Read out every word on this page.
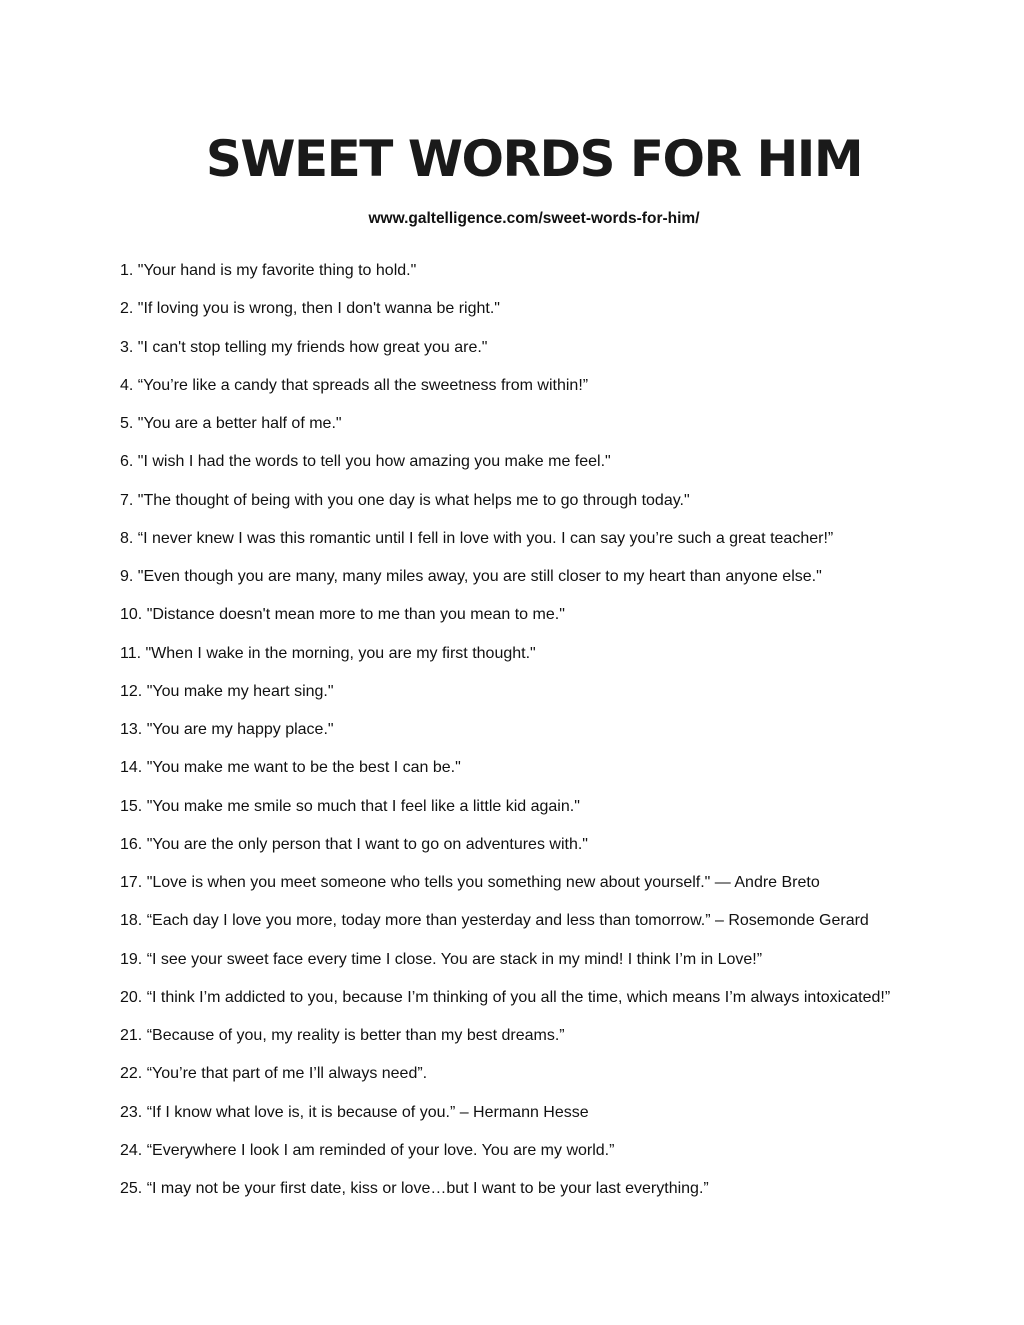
SWEET WORDS FOR HIM
www.galtelligence.com/sweet-words-for-him/
1. "Your hand is my favorite thing to hold."
2. "If loving you is wrong, then I don't wanna be right."
3. "I can't stop telling my friends how great you are."
4. “You’re like a candy that spreads all the sweetness from within!”
5. "You are a better half of me."
6. "I wish I had the words to tell you how amazing you make me feel."
7. "The thought of being with you one day is what helps me to go through today."
8. “I never knew I was this romantic until I fell in love with you. I can say you’re such a great teacher!”
9. "Even though you are many, many miles away, you are still closer to my heart than anyone else."
10. "Distance doesn't mean more to me than you mean to me."
11. "When I wake in the morning, you are my first thought."
12. "You make my heart sing."
13. "You are my happy place."
14. "You make me want to be the best I can be."
15. "You make me smile so much that I feel like a little kid again."
16. "You are the only person that I want to go on adventures with."
17. "Love is when you meet someone who tells you something new about yourself." — Andre Breto
18. “Each day I love you more, today more than yesterday and less than tomorrow.” – Rosemonde Gerard
19. “I see your sweet face every time I close. You are stack in my mind! I think I’m in Love!”
20. “I think I’m addicted to you, because I’m thinking of you all the time, which means I’m always intoxicated!”
21. “Because of you, my reality is better than my best dreams.”
22. “You’re that part of me I’ll always need”.
23. “If I know what love is, it is because of you.” – Hermann Hesse
24. “Everywhere I look I am reminded of your love. You are my world.”
25. “I may not be your first date, kiss or love…but I want to be your last everything.”
